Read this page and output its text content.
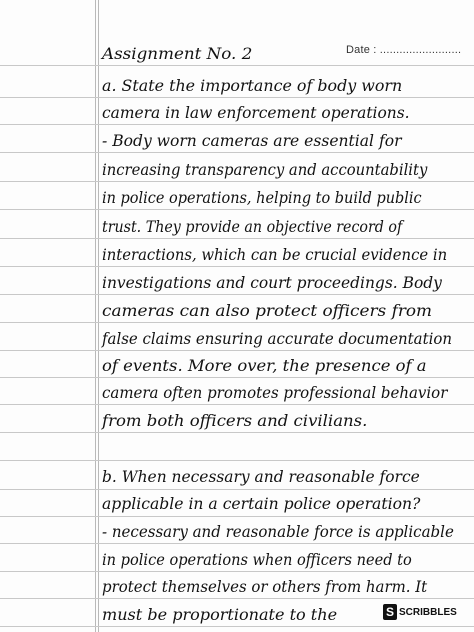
Date : .........................
Assignment No. 2
a. State the importance of body worn
camera in law enforcement operations.
- Body worn cameras are essential for
increasing transparency and accountability
in police operations, helping to build public
trust. They provide an objective record of
interactions, which can be crucial evidence in
investigations and court proceedings. Body
cameras can also protect officers from
false claims ensuring accurate documentation
of events. More over, the presence of a
camera often promotes professional behavior
from both officers and civilians.
b. When necessary and reasonable force
applicable in a certain police operation?
- necessary and reasonable force is applicable
in police operations when officers need to
protect themselves or others from harm. It
must be proportionate to the	S SCRIBBLES
